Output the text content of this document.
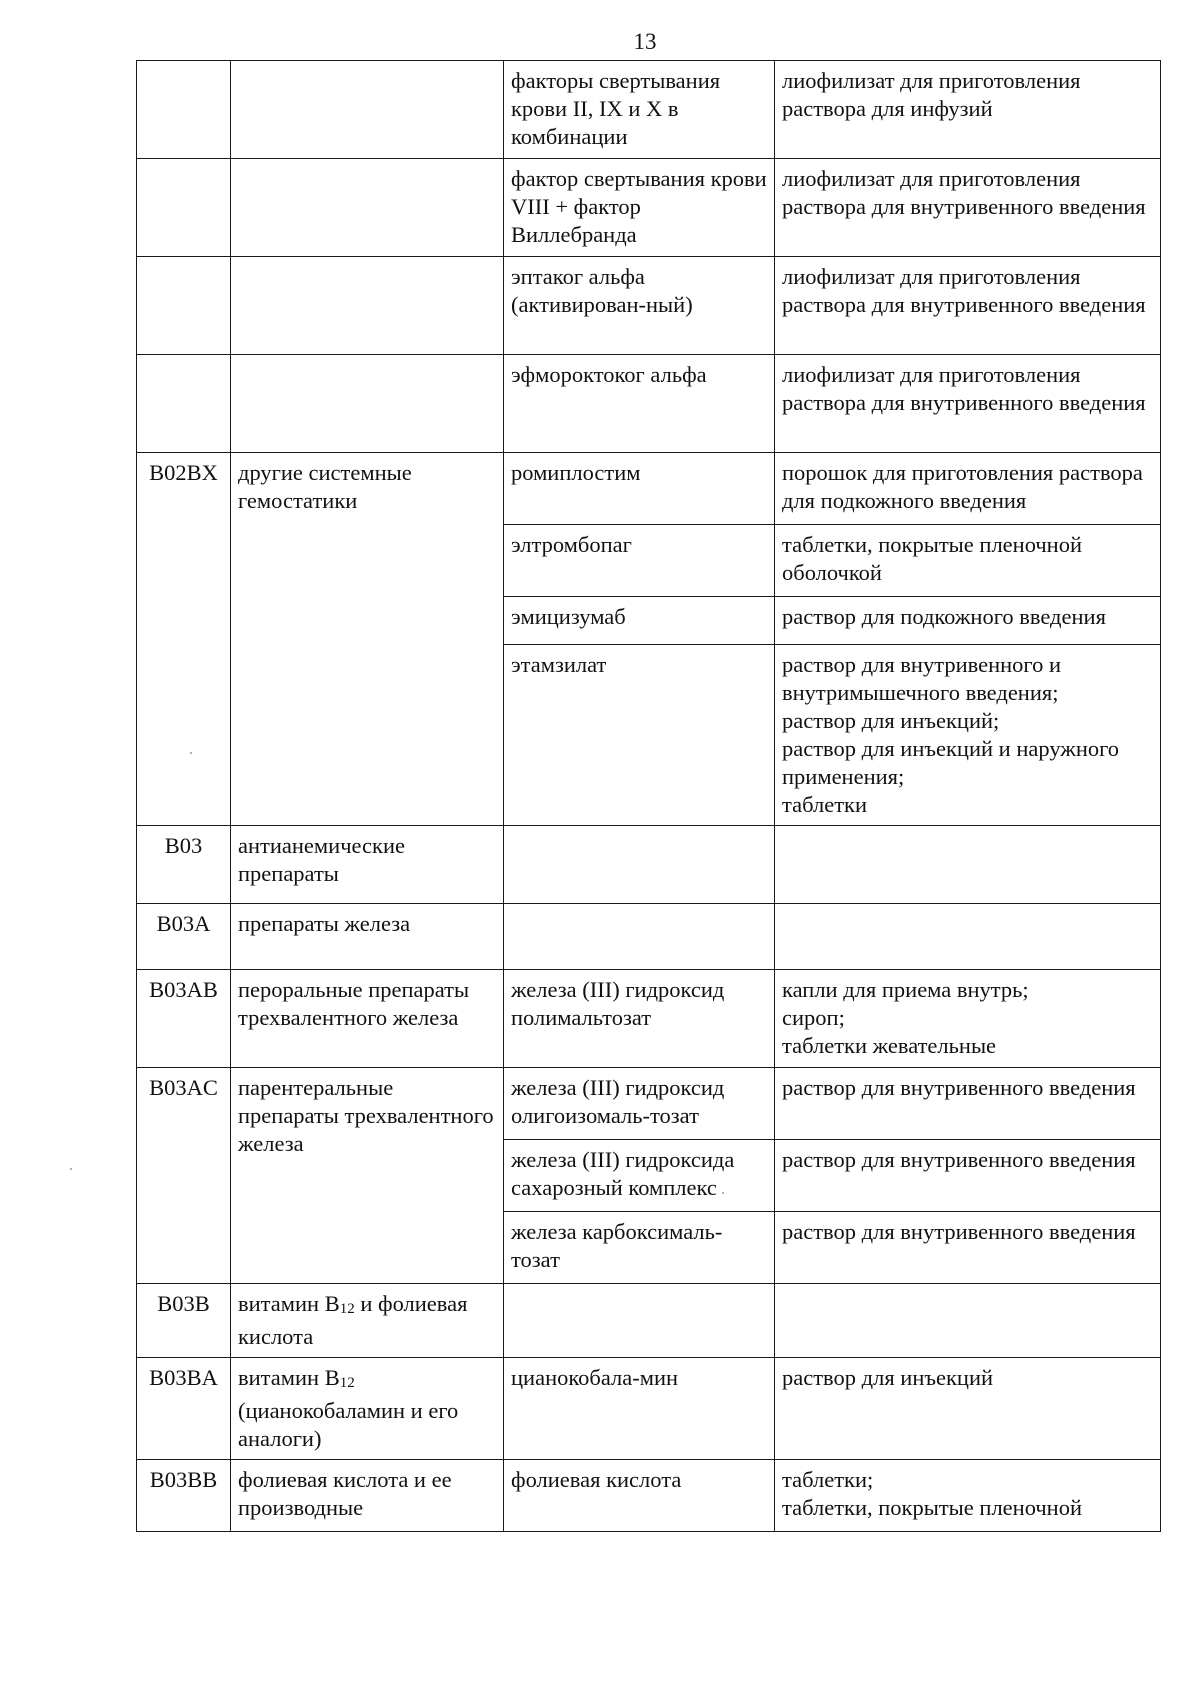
13
		факторы свертывания крови II, IX и X в комбинации	лиофилизат для приготовления раствора для инфузий
		фактор свертывания крови VIII + фактор Виллебранда	лиофилизат для приготовления раствора для внутривенного введения
		эптаког альфа (активирован-ный)	лиофилизат для приготовления раствора для внутривенного введения
		эфмороктоког альфа	лиофилизат для приготовления раствора для внутривенного введения
B02BX	другие системные гемостатики	ромиплостим	порошок для приготовления раствора для подкожного введения
		элтромбопаг	таблетки, покрытые пленочной оболочкой
		эмицизумаб	раствор для подкожного введения
		этамзилат	раствор для внутривенного и внутримышечного введения;
раствор для инъекций;
раствор для инъекций и наружного применения;
таблетки
B03	антианемические препараты		
B03A	препараты железа		
B03AB	пероральные препараты трехвалентного железа	железа (III) гидроксид полимальтозат	капли для приема внутрь;
сироп;
таблетки жевательные
B03AC	парентеральные препараты трехвалентного железа	железа (III) гидроксид олигоизомаль-тозат	раствор для внутривенного введения
		железа (III) гидроксида сахарозный комплекс	раствор для внутривенного введения
		железа карбоксималь-тозат	раствор для внутривенного введения
B03B	витамин B12 и фолиевая кислота		
B03BA	витамин B12 (цианокобаламин и его аналоги)	цианокобала-мин	раствор для инъекций
B03BB	фолиевая кислота и ее производные	фолиевая кислота	таблетки;
таблетки, покрытые пленочной
